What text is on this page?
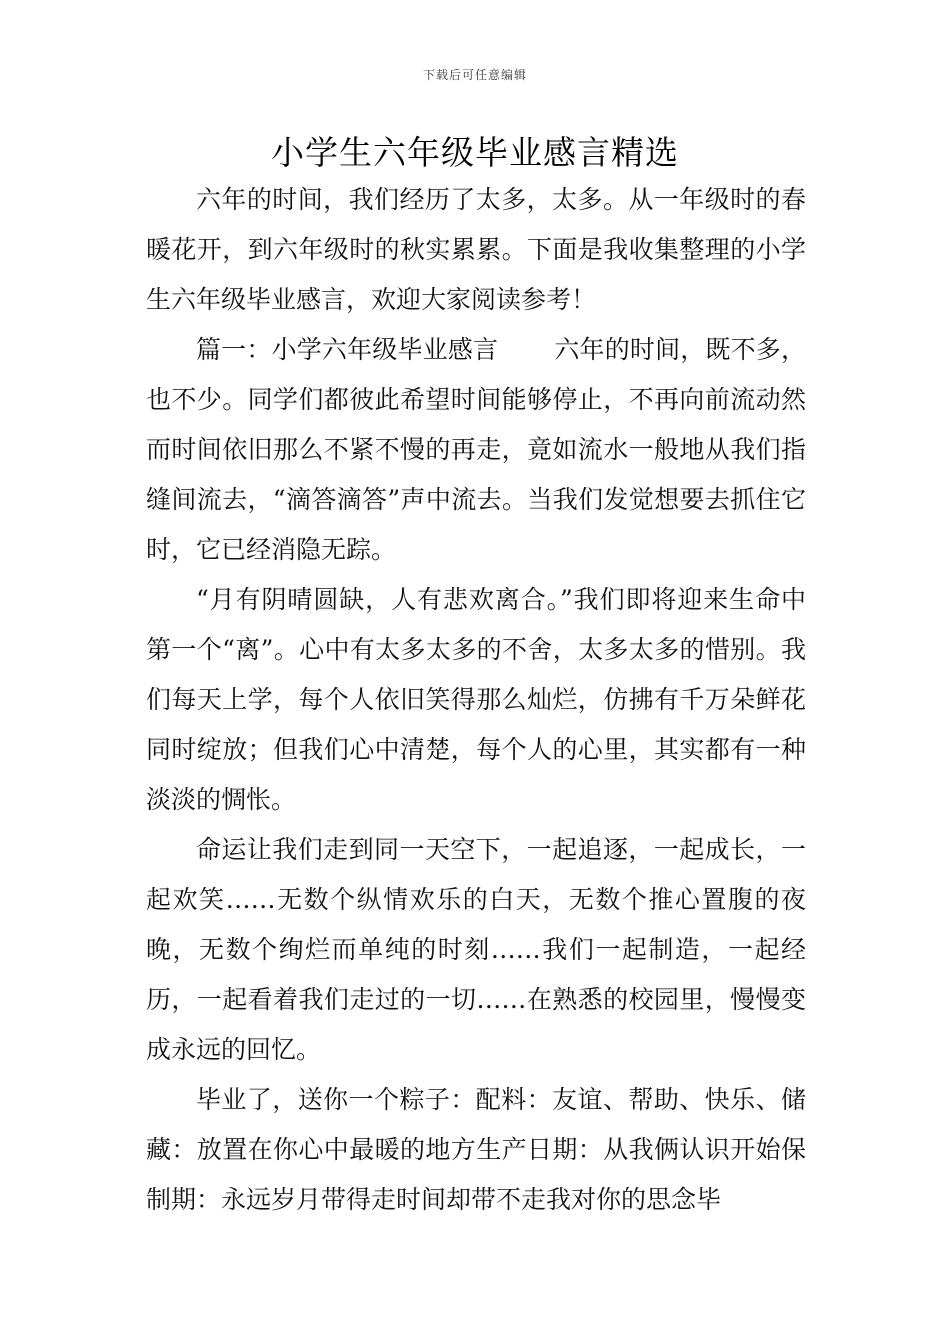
下载后可任意编辑
小学生六年级毕业感言精选

六年的时间，我们经历了太多，太多。从一年级时的春暖花开，到六年级时的秋实累累。下面是我收集整理的小学生六年级毕业感言，欢迎大家阅读参考！

篇一：小学六年级毕业感言 六年的时间，既不多，也不少。同学们都彼此希望时间能够停止，不再向前流动然而时间依旧那么不紧不慢的再走，竟如流水一般地从我们指缝间流去，“滴答滴答”声中流去。当我们发觉想要去抓住它时，它已经消隐无踪。

“月有阴晴圆缺，人有悲欢离合。”我们即将迎来生命中第一个“离”。心中有太多太多的不舍，太多太多的惜别。我们每天上学，每个人依旧笑得那么灿烂，仿拂有千万朵鲜花同时绽放；但我们心中清楚，每个人的心里，其实都有一种淡淡的惆怅。

命运让我们走到同一天空下，一起追逐，一起成长，一起欢笑……无数个纵情欢乐的白天，无数个推心置腹的夜晚，无数个绚烂而单纯的时刻……我们一起制造，一起经历，一起看着我们走过的一切……在熟悉的校园里，慢慢变成永远的回忆。

毕业了，送你一个粽子：配料：友谊、帮助、快乐、储藏：放置在你心中最暖的地方生产日期：从我俩认识开始保制期：永远岁月带得走时间却带不走我对你的思念毕
